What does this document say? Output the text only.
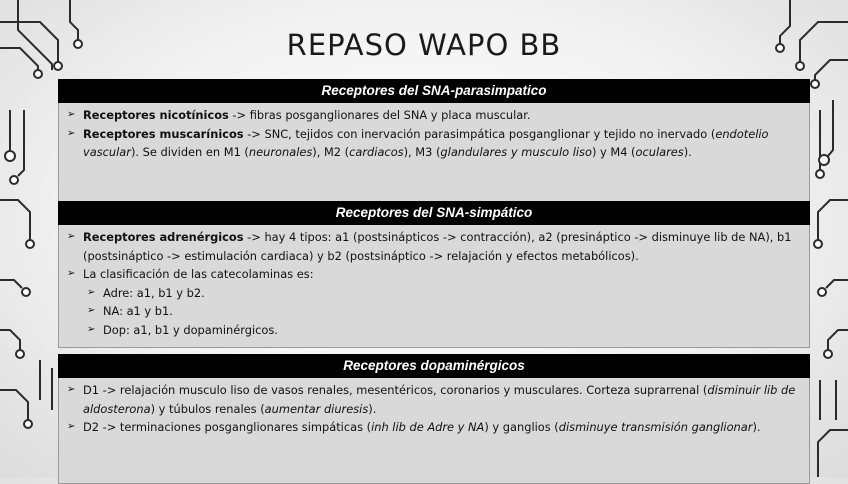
REPASO WAPO BB
Receptores del SNA-parasimpatico
➢ Receptores nicotínicos -> fibras posganglionares del SNA y placa muscular.
➢ Receptores muscarínicos -> SNC, tejidos con inervación parasimpática posganglionar y tejido no inervado (endotelio vascular). Se dividen en M1 (neuronales), M2 (cardiacos), M3 (glandulares y musculo liso) y M4 (oculares).
Receptores del SNA-simpático
➢ Receptores adrenérgicos -> hay 4 tipos: a1 (postsinápticos -> contracción), a2 (presináptico -> disminuye lib de NA), b1 (postsináptico -> estimulación cardiaca) y b2 (postsináptico -> relajación y efectos metabólicos).
➢ La clasificación de las catecolaminas es:
➢ Adre: a1, b1 y b2.
➢ NA: a1 y b1.
➢ Dop: a1, b1 y dopaminérgicos.
Receptores dopaminérgicos
➢ D1 -> relajación musculo liso de vasos renales, mesentéricos, coronarios y musculares. Corteza suprarrenal (disminuir lib de aldosterona) y túbulos renales (aumentar diuresis).
➢ D2 -> terminaciones posganglionares simpáticas (inh lib de Adre y NA) y ganglios (disminuye transmisión ganglionar).
